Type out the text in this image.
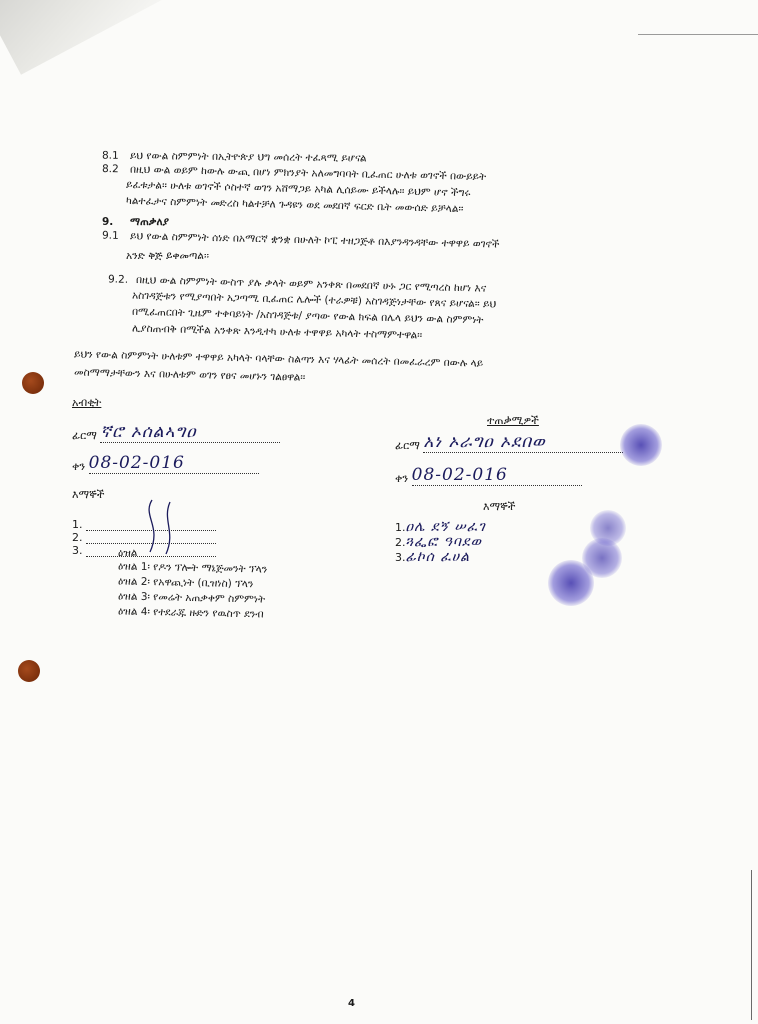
8.1 ይህ የውል ስምምነት በኢትዮጵያ ህግ መሰረት ተፈጻሚ ይሆናል
8.2 በዚህ ውል ወይም ከውሉ ውጪ በሆነ ምክንያት አለመግባባት ቢፈጠር ሁለቱ ወገኖች በውይይት
ይፈቱታል፡፡ ሁለቱ ወገኖች ሶስተኛ ወገን አሸማጋይ አካል ሊሰይሙ ይችላሉ፡፡ ይህም ሆኖ ችግሩ
ካልተፈታና ስምምነት መድረስ ካልተቻለ ጉዳዩን ወደ መደበኛ ፍርድ ቤት መውሰድ ይቻላል፡፡
9. ማጠቃለያ
9.1 ይህ የውል ስምምነት ሰነድ በአማርኛ ቋንቋ በሁለት ኮፒ ተዘጋጅቶ በእያንዳንዳቸው ተዋዋይ ወገኖች
አንድ ቅጅ ይቀመጣል፡፡
9.2. በዚህ ውል ስምምነት ውስጥ ያሉ ቃላት ወይም አንቀጽ በመደበኛ ሁኑ ጋር የሚጣረስ ከሆነ እና
አስገዳጅቱን የሚያጣበት አጋጣሚ ቢፈጠር ሌሎች (ተራዎቹ) አስገዳጅነታቸው የጸና ይሆናል፡፡ ይህ
በሚፈጠርበት ጊዜም ተቀባይነት /አስገዳጅቱ/ ያጣው የውል ክፍል በሌላ ይህን ውል ስምምነት
ሊያስጠብቅ በሚችል አንቀጽ እንዲተካ ሁለቱ ተዋዋይ አካላት ተስማምተዋል፡፡
ይህን የውል ስምምነት ሁለቱም ተዋዋይ አካላት ባላቸው ስልጣን እና ሃላፊት መሰረት በመፈራረም በውሉ ላይ
መስማማታቸውን እና በሁለቱም ወገን የፀና መሆኑን ገልፀዋል፡፡
አብቂት
ፊርማ ኛሮ ኦሰልኣግዐ
ቀን 08-02-016
እማኞች
1.
2.
3.
ተጠቃሚዎች
ፊርማ አነ ኦራግዐ ኦደበወ
ቀን 08-02-016
እማኞች
1.ዐሌ ደኝ ሠፈገ
2.ጓፌፎ ዓባደወ
3.ፊኮሰ ፈሀል
ዕዝል
ዕዝል 1፡ የዶን ፕሎት ማኔጅመንት ፕላን
ዕዝል 2፡ የአዋጪነት (ቢዝነስ) ፕላን
ዕዝል 3፡ የመሬት አጠቃቀም ስምምነት
ዕዝል 4፡ የተደራጁ ዙድን የዉስጥ ደንብ
4
